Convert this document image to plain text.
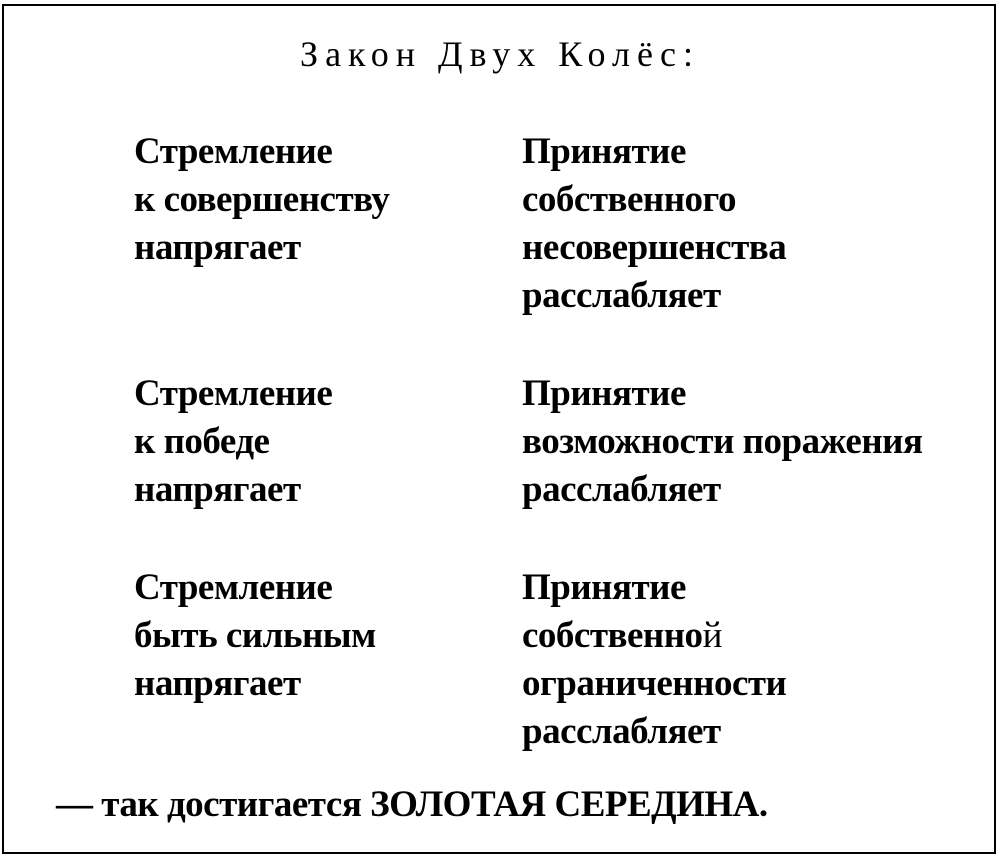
Закон Двух Колёс:
Стремление
к совершенству
напрягает
Принятие
собственного
несовершенства
расслабляет
Стремление
к победе
напрягает
Принятие
возможности поражения
расслабляет
Стремление
быть сильным
напрягает
Принятие
собственной
ограниченности
расслабляет
— так достигается ЗОЛОТАЯ СЕРЕДИНА.
